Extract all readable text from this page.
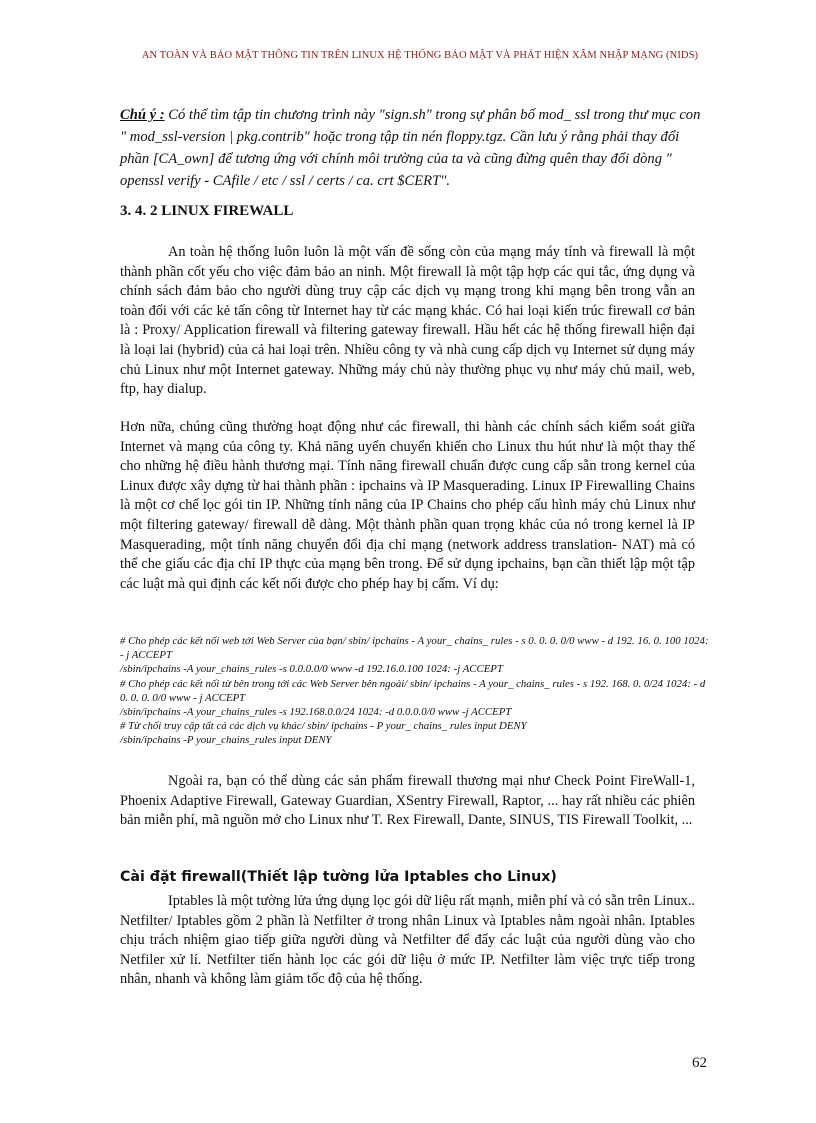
AN TOÀN VÀ BẢO MẬT THÔNG TIN TRÊN LINUX HỆ THỐNG BẢO MẬT VÀ PHÁT HIỆN XÂM NHẬP MẠNG (NIDS)
Chú ý : Có thể tìm tập tin chương trình này "sign.sh" trong sự phân bố mod_ ssl trong thư mục con " mod_ssl-version | pkg.contrib" hoặc trong tập tin nén floppy.tgz. Cần lưu ý rằng phải thay đổi phần [CA_own] để tương ứng với chính môi trường của ta và cũng đừng quên thay đổi dòng " openssl verify - CAfile / etc / ssl / certs / ca. crt $CERT".
3. 4. 2 LINUX FIREWALL
An toàn hệ thống luôn luôn là một vấn đề sống còn của mạng máy tính và firewall là một thành phần cốt yếu cho việc đảm bảo an ninh. Một firewall là một tập hợp các qui tắc, ứng dụng và chính sách đảm bảo cho người dùng truy cập các dịch vụ mạng trong khi mạng bên trong vẫn an toàn đối với các kẻ tấn công từ Internet hay từ các mạng khác. Có hai loại kiến trúc firewall cơ bản là : Proxy/ Application firewall và filtering gateway firewall. Hầu hết các hệ thống firewall hiện đại là loại lai (hybrid) của cả hai loại trên. Nhiều công ty và nhà cung cấp dịch vụ Internet sử dụng máy chủ Linux như một Internet gateway. Những máy chủ này thường phục vụ như máy chủ mail, web, ftp, hay dialup.
Hơn nữa, chúng cũng thường hoạt động như các firewall, thi hành các chính sách kiểm soát giữa Internet và mạng của công ty. Khả năng uyển chuyển khiến cho Linux thu hút như là một thay thế cho những hệ điều hành thương mại. Tính năng firewall chuẩn được cung cấp sẵn trong kernel của Linux được xây dựng từ hai thành phần : ipchains và IP Masquerading. Linux IP Firewalling Chains là một cơ chế lọc gói tin IP. Những tính năng của IP Chains cho phép cấu hình máy chủ Linux như một filtering gateway/ firewall dễ dàng. Một thành phần quan trọng khác của nó trong kernel là IP Masquerading, một tính năng chuyển đổi địa chỉ mạng (network address translation- NAT) mà có thể che giấu các địa chỉ IP thực của mạng bên trong. Để sử dụng ipchains, bạn cần thiết lập một tập các luật mà qui định các kết nối được cho phép hay bị cấm. Ví dụ:
# Cho phép các kết nối web tới Web Server của bạn/ sbin/ ipchains - A your_ chains_ rules - s 0. 0. 0. 0/0 www - d 192. 16. 0. 100 1024: - j ACCEPT
/sbin/ipchains -A your_chains_rules -s 0.0.0.0/0 www -d 192.16.0.100 1024: -j ACCEPT
# Cho phép các kết nối từ bên trong tới các Web Server bên ngoài/ sbin/ ipchains - A your_ chains_ rules - s 192. 168. 0. 0/24 1024: - d 0. 0. 0. 0/0 www - j ACCEPT
/sbin/ipchains -A your_chains_rules -s 192.168.0.0/24 1024: -d 0.0.0.0/0 www -j ACCEPT
# Từ chối truy cập tất cả các dịch vụ khác/ sbin/ ipchains - P your_ chains_ rules input DENY
/sbin/ipchains -P your_chains_rules input DENY
Ngoài ra, bạn có thể dùng các sản phẩm firewall thương mại như Check Point FireWall-1, Phoenix Adaptive Firewall, Gateway Guardian, XSentry Firewall, Raptor, ... hay rất nhiều các phiên bản miễn phí, mã nguồn mở cho Linux như T. Rex Firewall, Dante, SINUS, TIS Firewall Toolkit, ...
Cài đặt firewall(Thiết lập tường lửa Iptables cho Linux)
Iptables là một tường lửa ứng dụng lọc gói dữ liệu rất mạnh, miễn phí và có sẵn trên Linux.. Netfilter/ Iptables gồm 2 phần là Netfilter ở trong nhân Linux và Iptables nằm ngoài nhân. Iptables chịu trách nhiệm giao tiếp giữa người dùng và Netfilter để đẩy các luật của người dùng vào cho Netfiler xử lí. Netfilter tiến hành lọc các gói dữ liệu ở mức IP. Netfilter làm việc trực tiếp trong nhân, nhanh và không làm giảm tốc độ của hệ thống.
62
